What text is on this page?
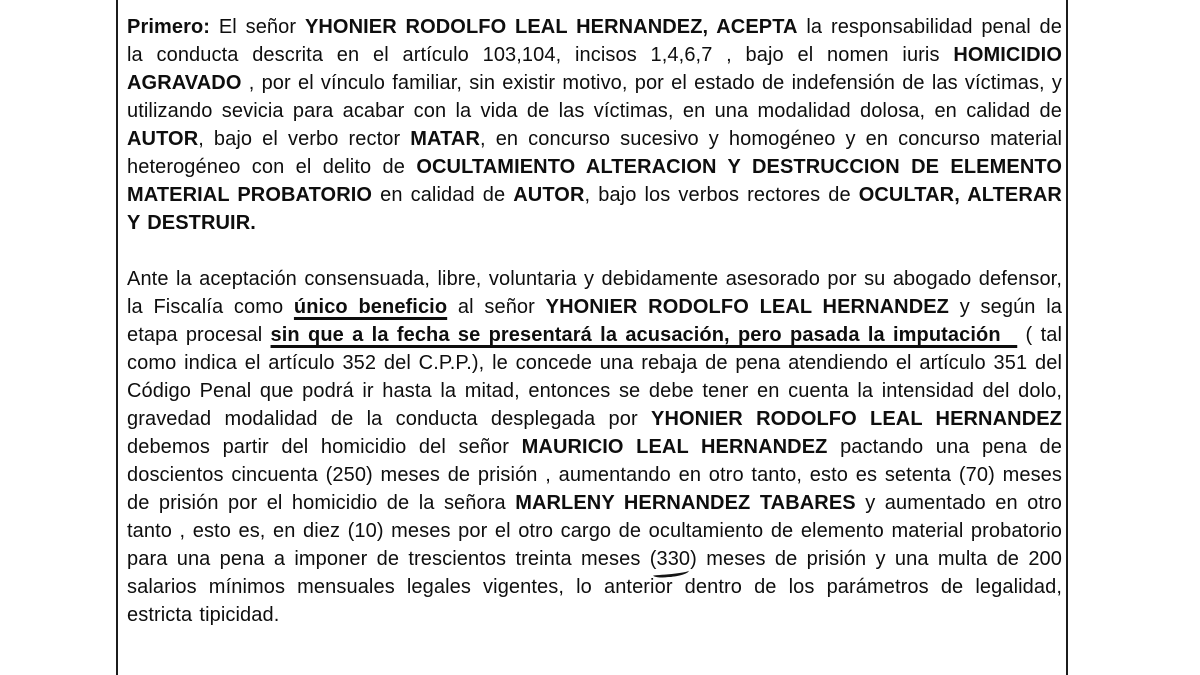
Primero: El señor YHONIER RODOLFO LEAL HERNANDEZ, ACEPTA la responsabilidad penal de la conducta descrita en el artículo 103,104, incisos 1,4,6,7 , bajo el nomen iuris HOMICIDIO AGRAVADO , por el vínculo familiar, sin existir motivo, por el estado de indefensión de las víctimas, y utilizando sevicia para acabar con la vida de las víctimas, en una modalidad dolosa, en calidad de AUTOR, bajo el verbo rector MATAR, en concurso sucesivo y homogéneo y en concurso material heterogéneo con el delito de OCULTAMIENTO ALTERACION Y DESTRUCCION DE ELEMENTO MATERIAL PROBATORIO en calidad de AUTOR, bajo los verbos rectores de OCULTAR, ALTERAR Y DESTRUIR.

Ante la aceptación consensuada, libre, voluntaria y debidamente asesorado por su abogado defensor, la Fiscalía como único beneficio al señor YHONIER RODOLFO LEAL HERNANDEZ y según la etapa procesal sin que a la fecha se presentará la acusación, pero pasada la imputación   ( tal como indica el artículo 352 del C.P.P.), le concede una rebaja de pena atendiendo el artículo 351 del Código Penal que podrá ir hasta la mitad, entonces se debe tener en cuenta la intensidad del dolo, gravedad modalidad de la conducta desplegada por YHONIER RODOLFO LEAL HERNANDEZ debemos partir del homicidio del señor MAURICIO LEAL HERNANDEZ pactando una pena de doscientos cincuenta (250) meses de prisión , aumentando en otro tanto, esto es setenta (70) meses de prisión por el homicidio de la señora MARLENY HERNANDEZ TABARES y aumentado en otro tanto , esto es, en diez (10) meses por el otro cargo de ocultamiento de elemento material probatorio para una pena a imponer de trescientos treinta meses (330) meses de prisión y una multa de 200 salarios mínimos mensuales legales vigentes, lo anterior dentro de los parámetros de legalidad, estricta tipicidad.
